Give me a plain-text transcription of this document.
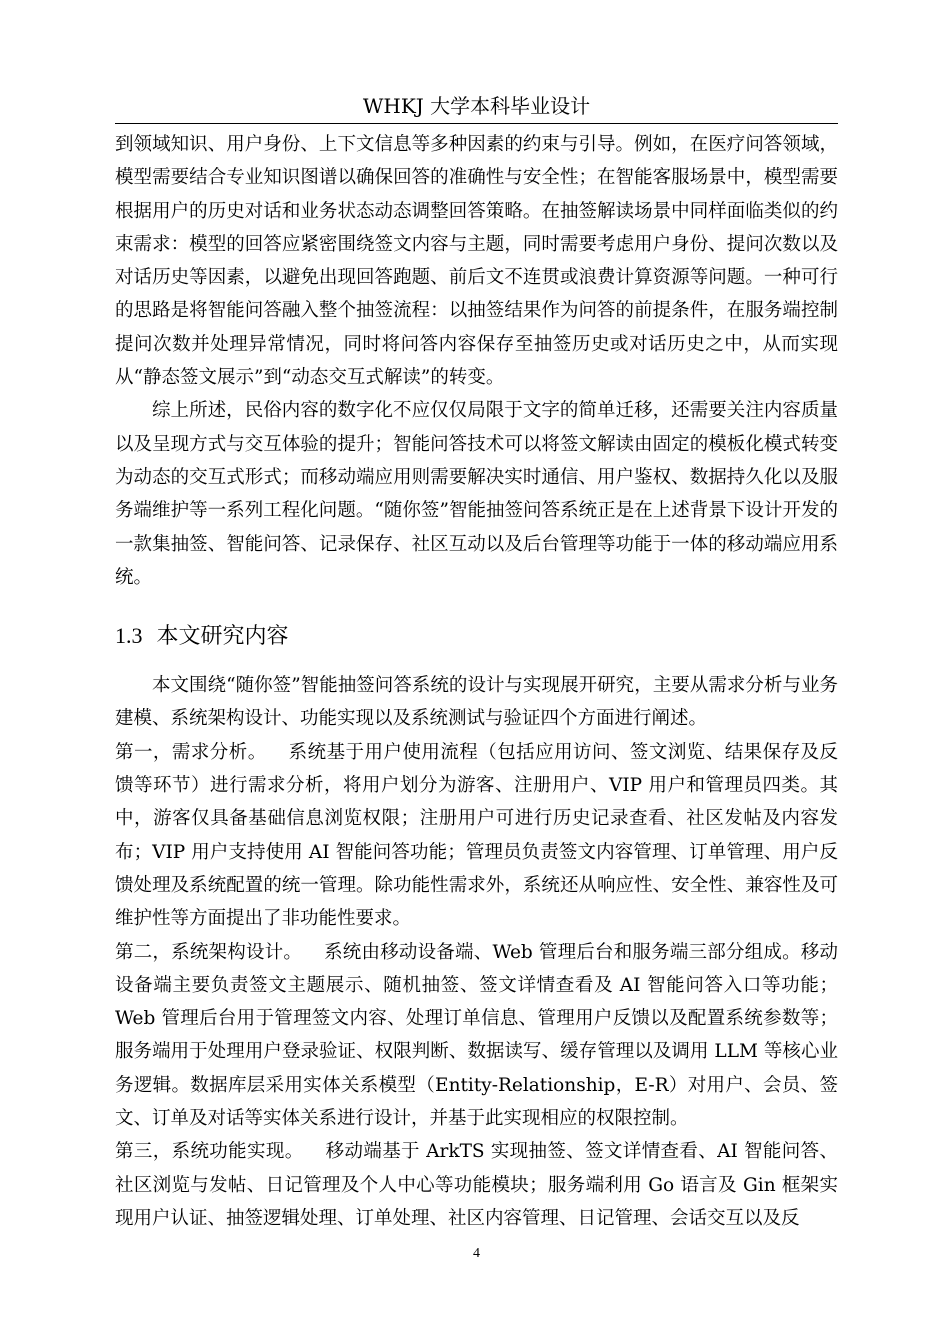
WHKJ 大学本科毕业设计

到领域知识、用户身份、上下文信息等多种因素的约束与引导。例如，在医疗问答领域，模型需要结合专业知识图谱以确保回答的准确性与安全性；在智能客服场景中，模型需要根据用户的历史对话和业务状态动态调整回答策略。在抽签解读场景中同样面临类似的约束需求：模型的回答应紧密围绕签文内容与主题，同时需要考虑用户身份、提问次数以及对话历史等因素，以避免出现回答跑题、前后文不连贯或浪费计算资源等问题。一种可行的思路是将智能问答融入整个抽签流程：以抽签结果作为问答的前提条件，在服务端控制提问次数并处理异常情况，同时将问答内容保存至抽签历史或对话历史之中，从而实现从“静态签文展示”到“动态交互式解读”的转变。

综上所述，民俗内容的数字化不应仅仅局限于文字的简单迁移，还需要关注内容质量以及呈现方式与交互体验的提升；智能问答技术可以将签文解读由固定的模板化模式转变为动态的交互式形式；而移动端应用则需要解决实时通信、用户鉴权、数据持久化以及服务端维护等一系列工程化问题。“随你签”智能抽签问答系统正是在上述背景下设计开发的一款集抽签、智能问答、记录保存、社区互动以及后台管理等功能于一体的移动端应用系统。

1.3 本文研究内容

本文围绕“随你签”智能抽签问答系统的设计与实现展开研究，主要从需求分析与业务建模、系统架构设计、功能实现以及系统测试与验证四个方面进行阐述。

第一，需求分析。 系统基于用户使用流程（包括应用访问、签文浏览、结果保存及反馈等环节）进行需求分析，将用户划分为游客、注册用户、VIP 用户和管理员四类。其中，游客仅具备基础信息浏览权限；注册用户可进行历史记录查看、社区发帖及内容发布；VIP 用户支持使用 AI 智能问答功能；管理员负责签文内容管理、订单管理、用户反馈处理及系统配置的统一管理。除功能性需求外，系统还从响应性、安全性、兼容性及可维护性等方面提出了非功能性要求。

第二，系统架构设计。 系统由移动设备端、Web 管理后台和服务端三部分组成。移动设备端主要负责签文主题展示、随机抽签、签文详情查看及 AI 智能问答入口等功能；Web 管理后台用于管理签文内容、处理订单信息、管理用户反馈以及配置系统参数等；服务端用于处理用户登录验证、权限判断、数据读写、缓存管理以及调用 LLM 等核心业务逻辑。数据库层采用实体关系模型（Entity-Relationship，E-R）对用户、会员、签文、订单及对话等实体关系进行设计，并基于此实现相应的权限控制。

第三，系统功能实现。 移动端基于 ArkTS 实现抽签、签文详情查看、AI 智能问答、社区浏览与发帖、日记管理及个人中心等功能模块；服务端利用 Go 语言及 Gin 框架实现用户认证、抽签逻辑处理、订单处理、社区内容管理、日记管理、会话交互以及反

4
